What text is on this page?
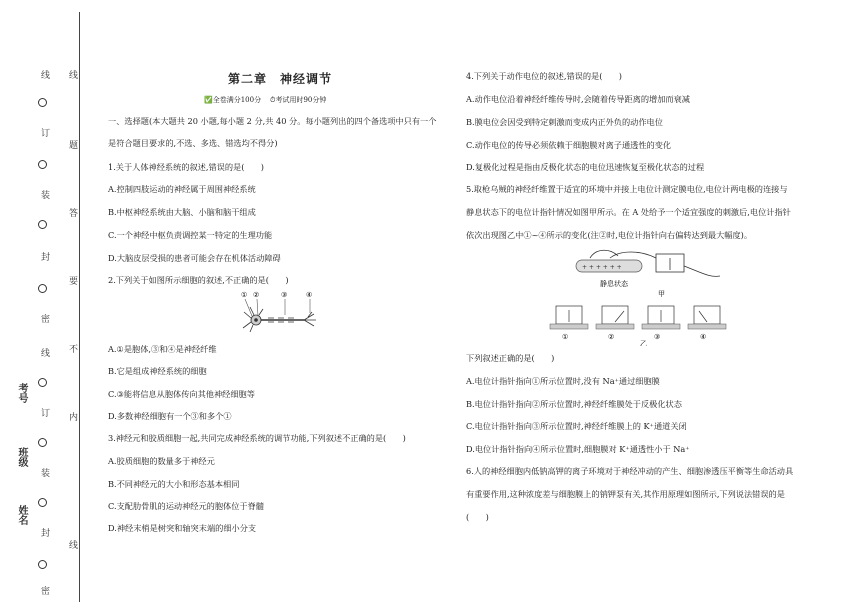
线
题
答
要
不
内
线
线
订
装
封
密
线
订
装
封
密
考号
班级
姓名
第二章　 神经调节
✅全卷满分100分 ⏱考试用时90分钟
一、选择题(本大题共 20 小题,每小题 2 分,共 40 分。每小题列出的四个备选项中只有一个
是符合题目要求的,不选、多选、错选均不得分)
1.关于人体神经系统的叙述,错误的是(　　)
A.控制四肢运动的神经属于周围神经系统
B.中枢神经系统由大脑、小脑和脑干组成
C.一个神经中枢负责调控某一特定的生理功能
D.大脑皮层受损的患者可能会存在机体活动障碍
2.下列关于如图所示细胞的叙述,不正确的是(　　)
① ②	③	④
A.①是胞体,③和④是神经纤维
B.它是组成神经系统的细胞
C.③能将信息从胞体传向其他神经细胞等
D.多数神经细胞有一个③和多个①
3.神经元和胶质细胞一起,共同完成神经系统的调节功能,下列叙述不正确的是(　　)
A.胶质细胞的数量多于神经元
B.不同神经元的大小和形态基本相同
C.支配肋骨肌的运动神经元的胞体位于脊髓
D.神经末梢是树突和轴突末端的细小分支
4.下列关于动作电位的叙述,错误的是(　　)
A.动作电位沿着神经纤维传导时,会随着传导距离的增加而衰减
B.膜电位会因受到特定刺激而变成内正外负的动作电位
C.动作电位的传导必须依赖于细胞膜对离子通透性的变化
D.复极化过程是指由反极化状态的电位迅速恢复至极化状态的过程
5.取枪乌贼的神经纤维置于适宜的环境中并接上电位计测定膜电位,电位计两电极的连接与
静息状态下的电位计指针情况如图甲所示。在 A 处给予一个适宜强度的刺激后,电位计指针
依次出现图乙中①~④所示的变化(注②时,电位计指针向右偏转达到最大幅度)。
+ + + + + +
静息状态
甲
①	②	③	④
乙
下列叙述正确的是(　　)
A.电位计指针指向①所示位置时,没有 Na⁺通过细胞膜
B.电位计指针指向②所示位置时,神经纤维膜处于反极化状态
C.电位计指针指向③所示位置时,神经纤维膜上的 K⁺通道关闭
D.电位计指针指向④所示位置时,细胞膜对 K⁺通透性小于 Na⁺
6.人的神经细胞内低钠高钾的离子环境对于神经冲动的产生、细胞渗透压平衡等生命活动具
有重要作用,这种浓度差与细胞膜上的钠钾泵有关,其作用原理如图所示,下列说法错误的是
(　　)
